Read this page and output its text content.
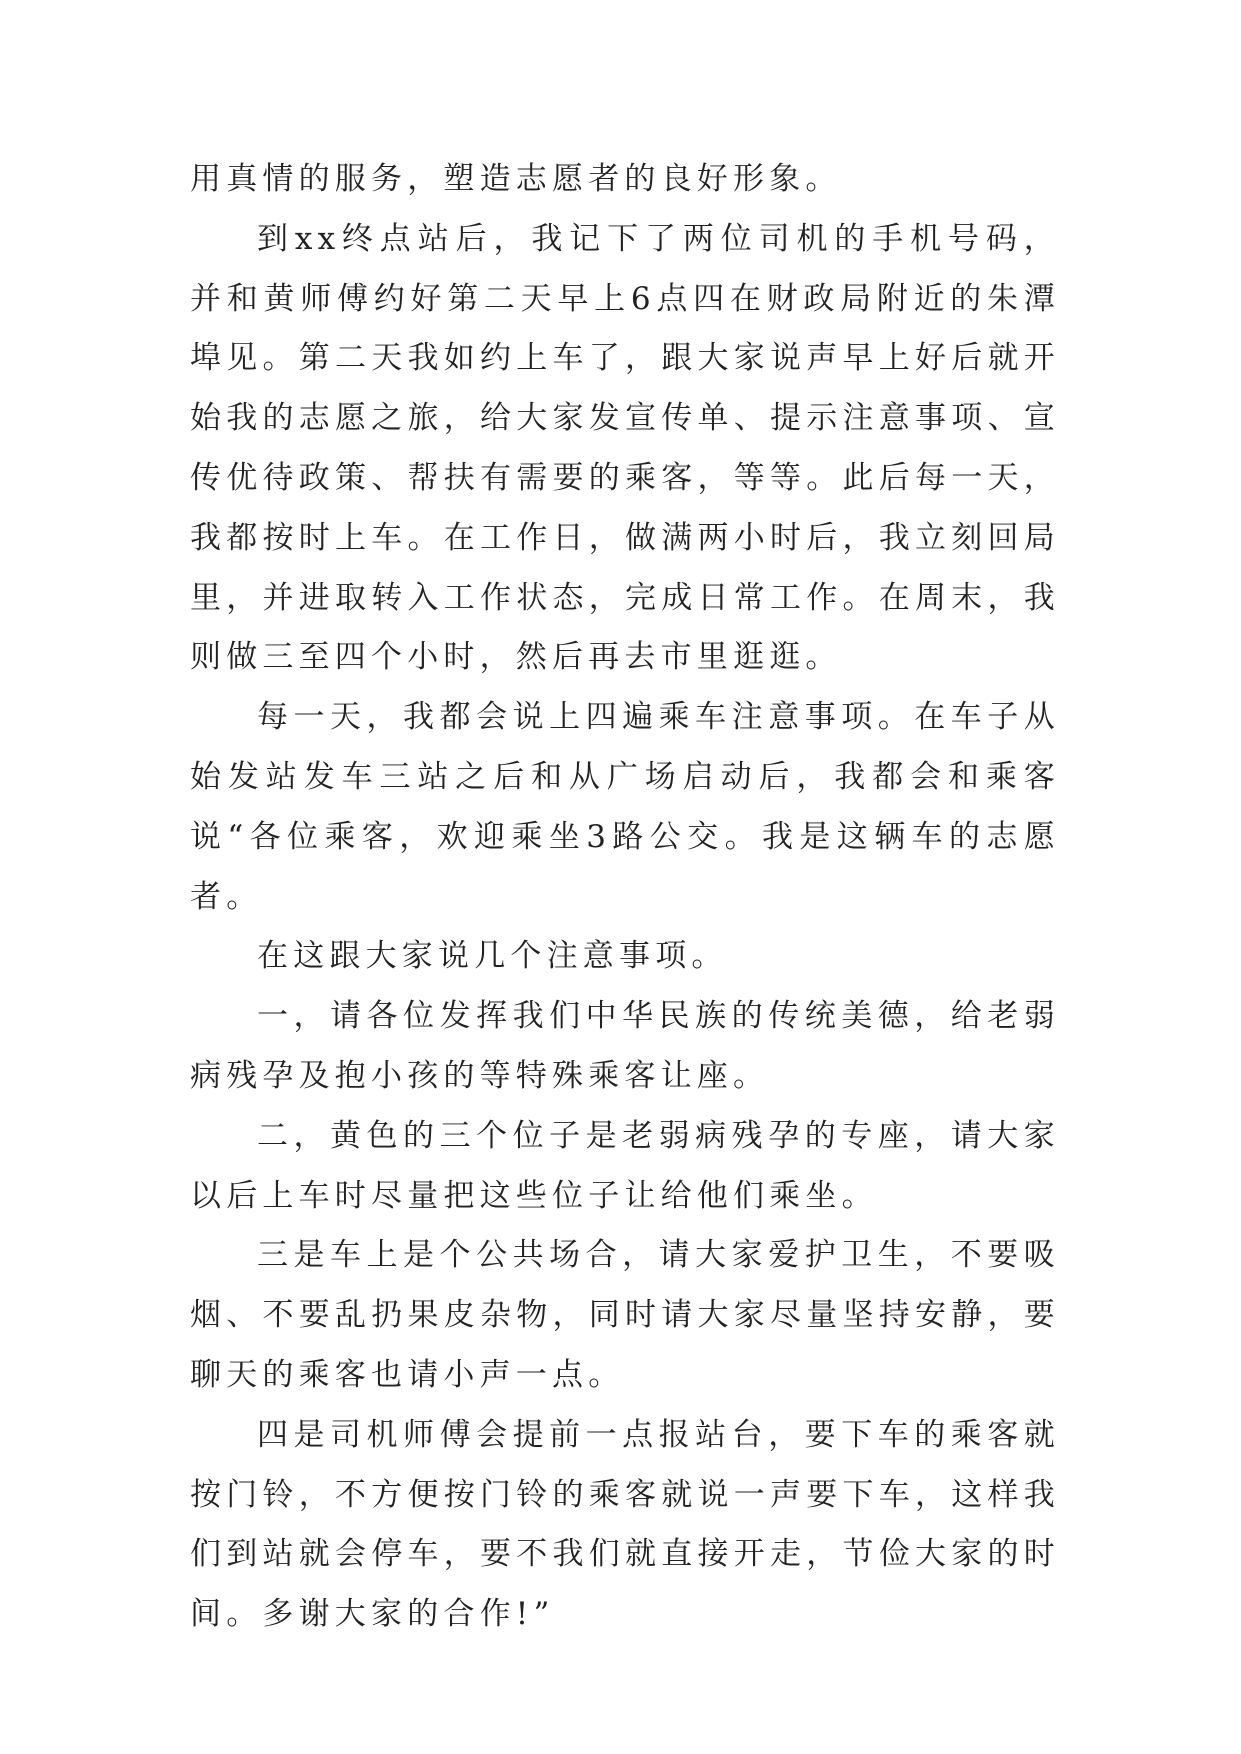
用真情的服务，塑造志愿者的良好形象。

到xx终点站后，我记下了两位司机的手机号码，并和黄师傅约好第二天早上6点四在财政局附近的朱潭埠见。第二天我如约上车了，跟大家说声早上好后就开始我的志愿之旅，给大家发宣传单、提示注意事项、宣传优待政策、帮扶有需要的乘客，等等。此后每一天，我都按时上车。在工作日，做满两小时后，我立刻回局里，并进取转入工作状态，完成日常工作。在周末，我则做三至四个小时，然后再去市里逛逛。

每一天，我都会说上四遍乘车注意事项。在车子从始发站发车三站之后和从广场启动后，我都会和乘客说“各位乘客，欢迎乘坐3路公交。我是这辆车的志愿者。

在这跟大家说几个注意事项。

一，请各位发挥我们中华民族的传统美德，给老弱病残孕及抱小孩的等特殊乘客让座。

二，黄色的三个位子是老弱病残孕的专座，请大家以后上车时尽量把这些位子让给他们乘坐。

三是车上是个公共场合，请大家爱护卫生，不要吸烟、不要乱扔果皮杂物，同时请大家尽量坚持安静，要聊天的乘客也请小声一点。

四是司机师傅会提前一点报站台，要下车的乘客就按门铃，不方便按门铃的乘客就说一声要下车，这样我们到站就会停车，要不我们就直接开走，节俭大家的时间。多谢大家的合作!”
